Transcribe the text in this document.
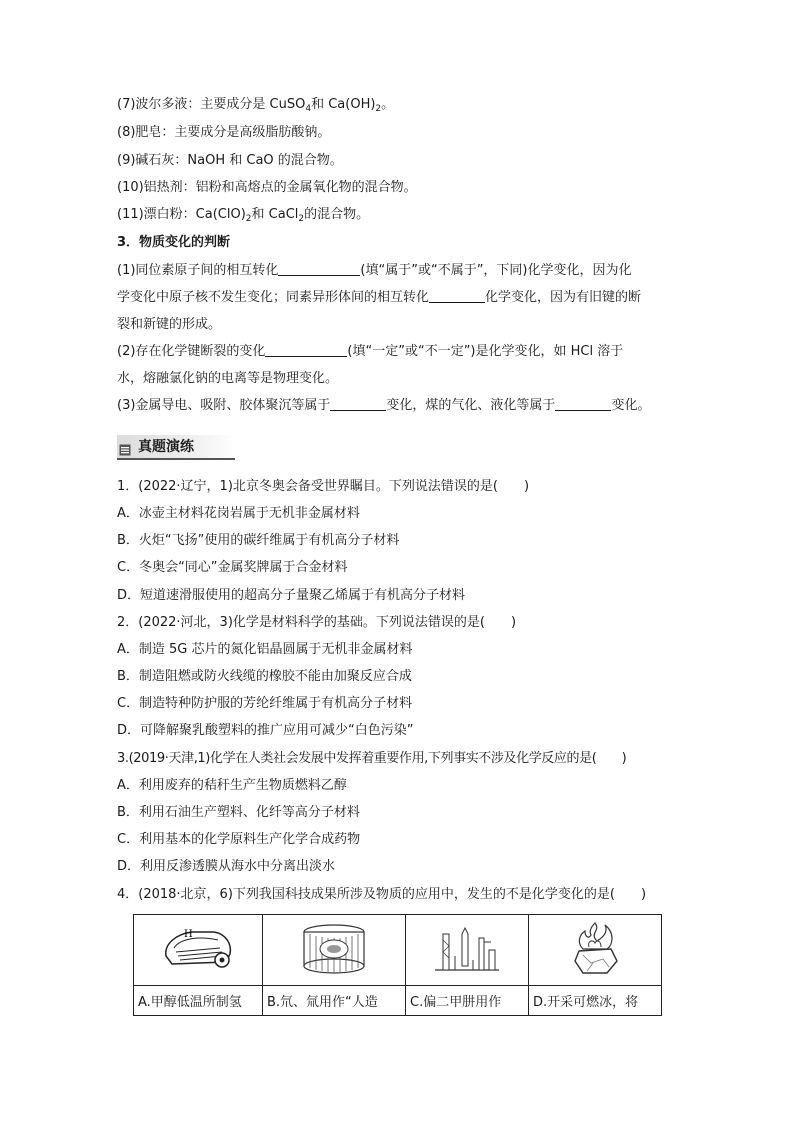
(7)波尔多液：主要成分是 CuSO$_4$和 $Ca(OH)_2$。
(8)肥皂：主要成分是高级脂肪酸钠。
(9)碱石灰：NaOH 和 CaO 的混合物。
(10)铝热剂：铝粉和高熔点的金属氧化物的混合物。
(11)漂白粉：$Ca(ClO)_2$和 CaCl$_2$的混合物。
3．物质变化的判断
(1)同位素原子间的相互转化	(填“属于”或“不属于”，下同)化学变化，因为化
学变化中原子核不发生变化；同素异形体间的相互转化	化学变化，因为有旧键的断
裂和新键的形成。
(2)存在化学键断裂的变化	(填“一定”或“不一定”)是化学变化，如 HCl 溶于
水，熔融氯化钠的电离等是物理变化。
(3)金属导电、吸附、胶体聚沉等属于	变化，煤的气化、液化等属于	变化。
真题演练
1．(2022·辽宁，1)北京冬奥会备受世界瞩目。下列说法错误的是(　　)
A．冰壶主材料花岗岩属于无机非金属材料
B．火炬“飞扬”使用的碳纤维属于有机高分子材料
C．冬奥会“同心”金属奖牌属于合金材料
D．短道速滑服使用的超高分子量聚乙烯属于有机高分子材料
2．(2022·河北，3)化学是材料科学的基础。下列说法错误的是(　　)
A．制造 5G 芯片的氮化铝晶圆属于无机非金属材料
B．制造阻燃或防火线缆的橡胶不能由加聚反应合成
C．制造特种防护服的芳纶纤维属于有机高分子材料
D．可降解聚乳酸塑料的推广应用可减少“白色污染”
3.(2019·天津,1)化学在人类社会发展中发挥着重要作用,下列事实不涉及化学反应的是(　　)
A．利用废弃的秸秆生产生物质燃料乙醇
B．利用石油生产塑料、化纤等高分子材料
C．利用基本的化学原料生产化学合成药物
D．利用反渗透膜从海水中分离出淡水
4．(2018·北京，6)下列我国科技成果所涉及物质的应用中，发生的不是化学变化的是(　　)
H

A.甲醇低温所制氢	B.氘、氚用作“人造	C.偏二甲肼用作	D.开采可燃冰，将
